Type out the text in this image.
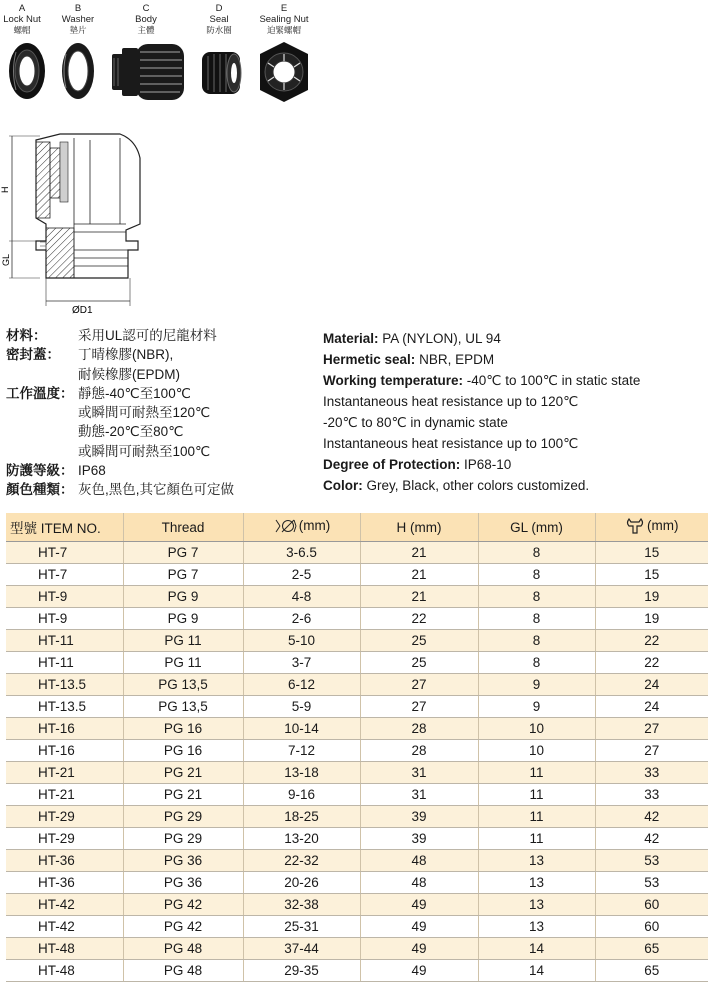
A
Lock Nut
螺帽
B
Washer
墊片
C
Body
主體
D
Seal
防水圈
E
Sealing Nut
迫緊螺帽
H
GL
ØD1
材料：	采用UL認可的尼龍材料
密封蓋：	丁晴橡膠(NBR),
耐候橡膠(EPDM)
工作溫度： 靜態-40℃至100℃
或瞬間可耐熱至120℃
動態-20℃至80℃
或瞬間可耐熱至100℃
防護等級： IP68
顏色種類： 灰色,黑色,其它顏色可定做
Material: PA (NYLON), UL 94
Hermetic seal: NBR, EPDM
Working temperature: -40℃ to 100℃ in static state
Instantaneous heat resistance up to 120℃
-20℃ to 80℃ in dynamic state
Instantaneous heat resistance up to 100℃
Degree of Protection: IP68-10
Color: Grey, Black, other colors customized.
型號 ITEM NO.	Thread	(mm)	H (mm)	GL (mm)	(mm)

HT-7	PG 7	3-6.5	21	8	15
HT-7	PG 7	2-5	21	8	15
HT-9	PG 9	4-8	21	8	19
HT-9	PG 9	2-6	22	8	19
HT-11	PG 11	5-10	25	8	22
HT-11	PG 11	3-7	25	8	22
HT-13.5	PG 13,5	6-12	27	9	24
HT-13.5	PG 13,5	5-9	27	9	24
HT-16	PG 16	10-14	28	10	27
HT-16	PG 16	7-12	28	10	27
HT-21	PG 21	13-18	31	11	33
HT-21	PG 21	9-16	31	11	33
HT-29	PG 29	18-25	39	11	42
HT-29	PG 29	13-20	39	11	42
HT-36	PG 36	22-32	48	13	53
HT-36	PG 36	20-26	48	13	53
HT-42	PG 42	32-38	49	13	60
HT-42	PG 42	25-31	49	13	60
HT-48	PG 48	37-44	49	14	65
HT-48	PG 48	29-35	49	14	65
